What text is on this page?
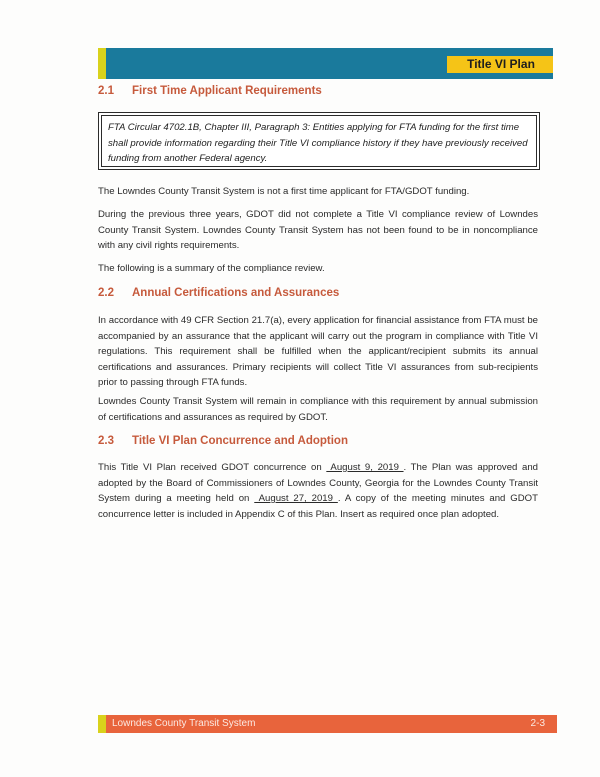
Title VI Plan
2.1 First Time Applicant Requirements

FTA Circular 4702.1B, Chapter III, Paragraph 3: Entities applying for FTA funding for the first time shall provide information regarding their Title VI compliance history if they have previously received funding from another Federal agency.

The Lowndes County Transit System is not a first time applicant for FTA/GDOT funding.

During the previous three years, GDOT did not complete a Title VI compliance review of Lowndes County Transit System. Lowndes County Transit System has not been found to be in noncompliance with any civil rights requirements.

The following is a summary of the compliance review.

2.2 Annual Certifications and Assurances

In accordance with 49 CFR Section 21.7(a), every application for financial assistance from FTA must be accompanied by an assurance that the applicant will carry out the program in compliance with Title VI regulations. This requirement shall be fulfilled when the applicant/recipient submits its annual certifications and assurances. Primary recipients will collect Title VI assurances from sub-recipients prior to passing through FTA funds.

Lowndes County Transit System will remain in compliance with this requirement by annual submission of certifications and assurances as required by GDOT.

2.3 Title VI Plan Concurrence and Adoption

This Title VI Plan received GDOT concurrence on  August 9, 2019 . The Plan was approved and adopted by the Board of Commissioners of Lowndes County, Georgia for the Lowndes County Transit System during a meeting held on  August 27, 2019 . A copy of the meeting minutes and GDOT concurrence letter is included in Appendix C of this Plan. Insert as required once plan adopted.

Lowndes County Transit System	2-3
